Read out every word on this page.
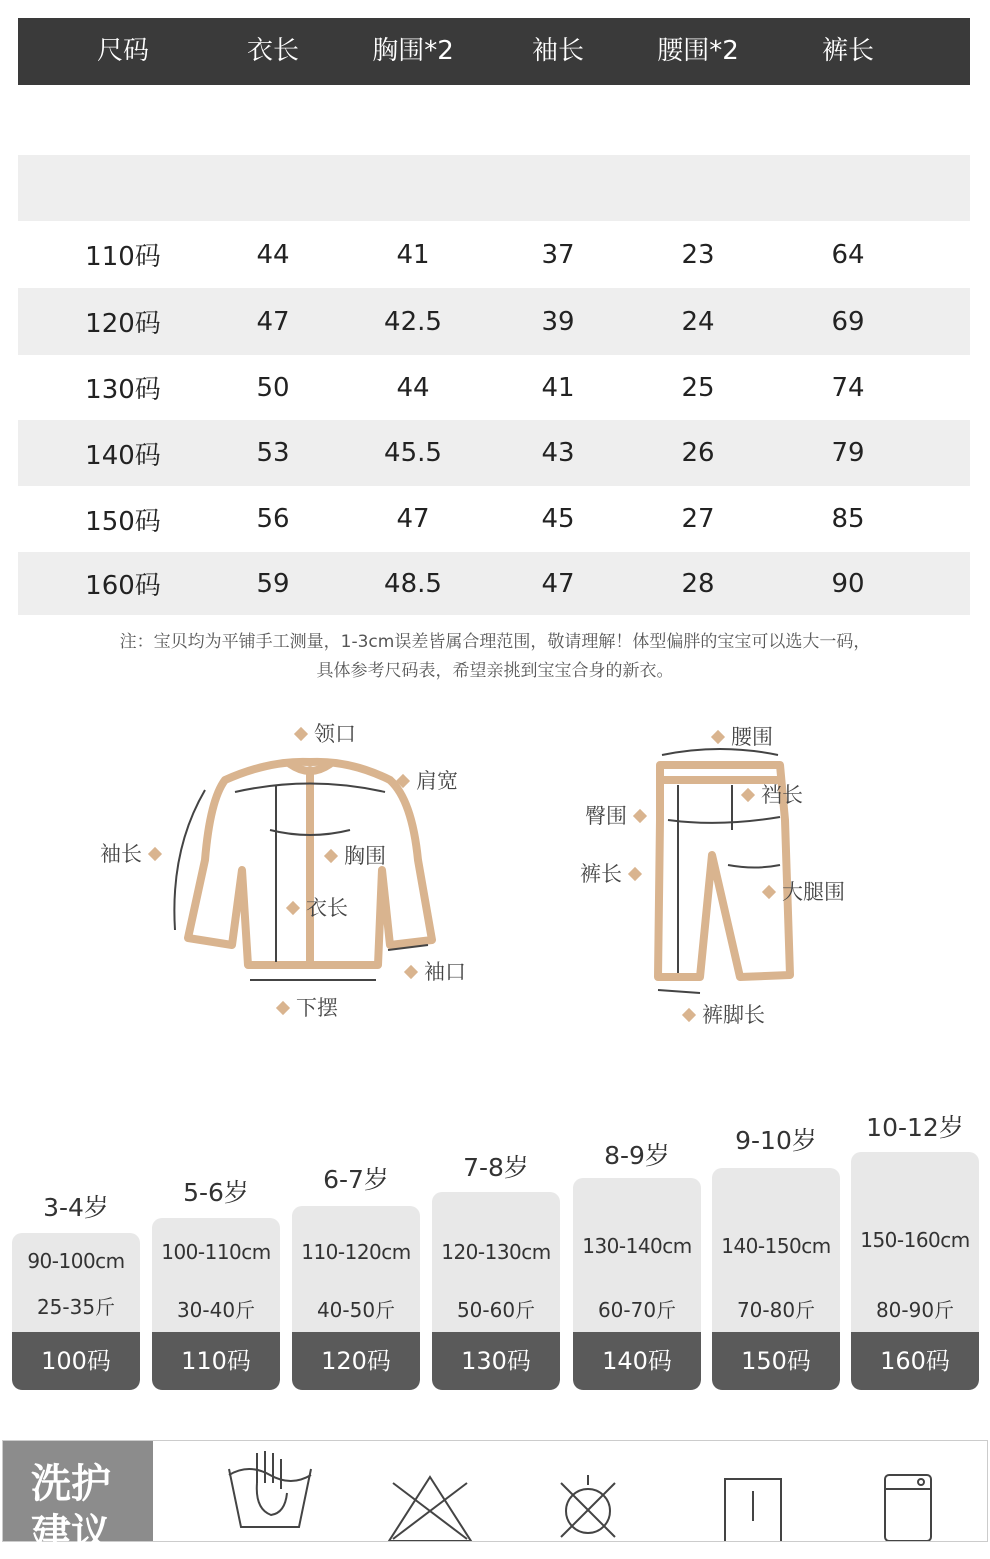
尺码	衣长	胸围*2	袖长	腰围*2	裤长
110码	44	41	37	23	64
120码	47	42.5	39	24	69
130码	50	44	41	25	74
140码	53	45.5	43	26	79
150码	56	47	45	27	85
160码	59	48.5	47	28	90
注：宝贝均为平铺手工测量，1-3cm误差皆属合理范围，敬请理解！体型偏胖的宝宝可以选大一码，
具体参考尺码表，希望亲挑到宝宝合身的新衣。
领口
肩宽
袖长	胸围
衣长
袖口
下摆
腰围
裆长
臀围
裤长
大腿围
裤脚长
3-4岁
90-100cm
25-35斤
100码
5-6岁
100-110cm
30-40斤
110码
6-7岁
110-120cm
40-50斤
120码
7-8岁
120-130cm
50-60斤
130码
8-9岁
130-140cm
60-70斤
140码
9-10岁
140-150cm
70-80斤
150码
10-12岁
150-160cm
80-90斤
160码
洗护
建议
